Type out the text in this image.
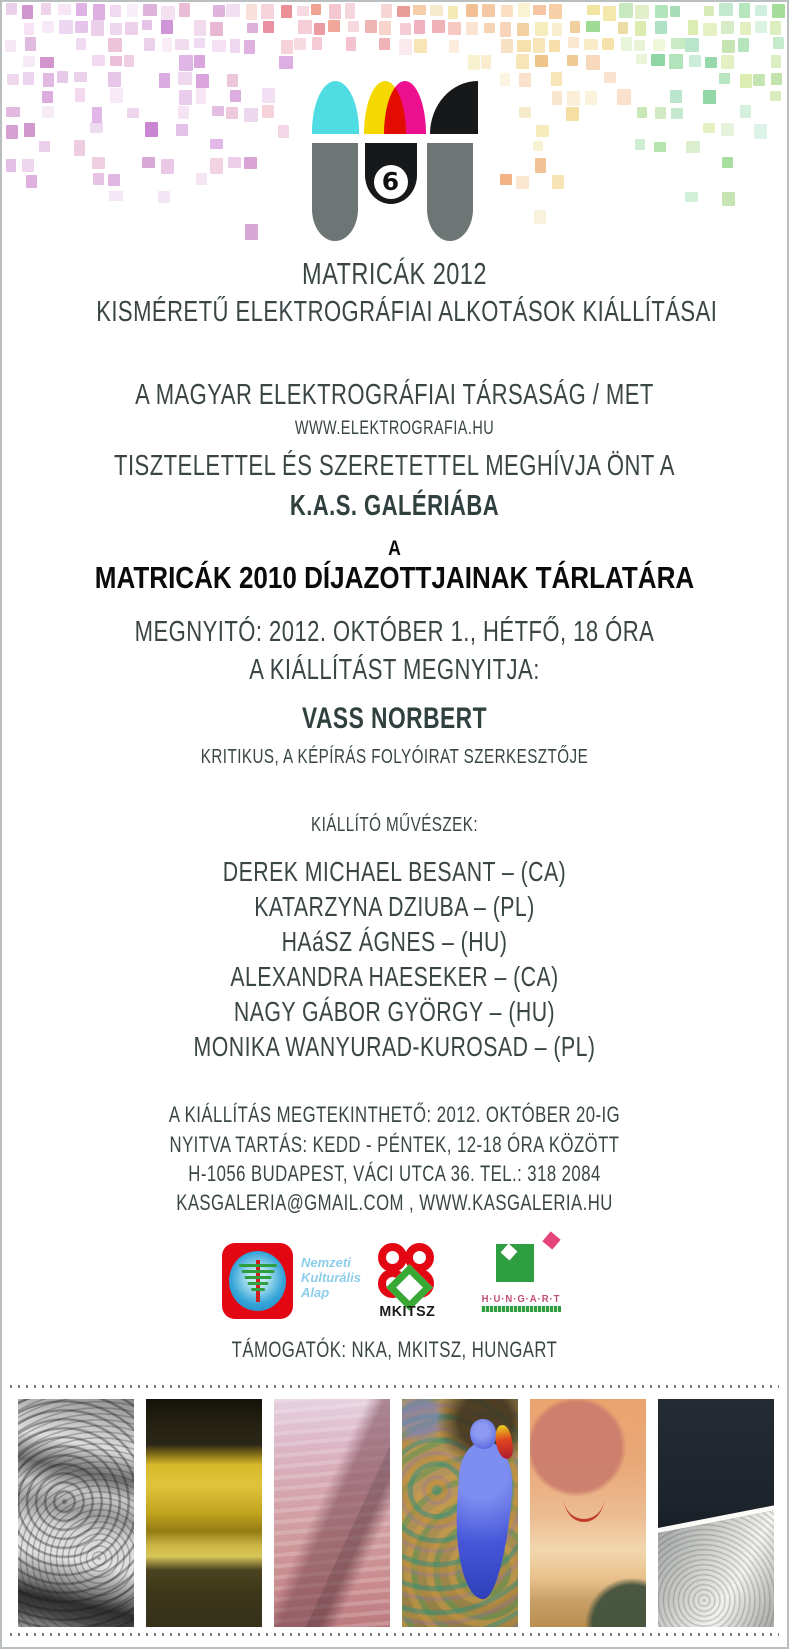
6
MATRICÁK 2012
KISMÉRETŰ ELEKTROGRÁFIAI ALKOTÁSOK KIÁLLÍTÁSAI
A MAGYAR ELEKTROGRÁFIAI TÁRSASÁG / MET
WWW.ELEKTROGRAFIA.HU
TISZTELETTEL ÉS SZERETETTEL MEGHÍVJA ÖNT A
K.A.S. GALÉRIÁBA
A
MATRICÁK 2010 DÍJAZOTTJAINAK TÁRLATÁRA
MEGNYITÓ: 2012. OKTÓBER 1., HÉTFŐ, 18 ÓRA
A KIÁLLÍTÁST MEGNYITJA:
VASS NORBERT
KRITIKUS, A KÉPÍRÁS FOLYÓIRAT SZERKESZTŐJE
KIÁLLÍTÓ MŰVÉSZEK:
DEREK MICHAEL BESANT – (CA)
KATARZYNA DZIUBA – (PL)
HAáSZ ÁGNES – (HU)
ALEXANDRA HAESEKER – (CA)
NAGY GÁBOR GYÖRGY – (HU)
MONIKA WANYURAD-KUROSAD – (PL)
A KIÁLLÍTÁS MEGTEKINTHETŐ: 2012. OKTÓBER 20-IG
NYITVA TARTÁS: KEDD - PÉNTEK, 12-18 ÓRA KÖZÖTT
H-1056 BUDAPEST, VÁCI UTCA 36. TEL.: 318 2084
KASGALERIA@GMAIL.COM , WWW.KASGALERIA.HU
Nemzeti
Kulturális
Alap
MKITSZ
H·U·N·G·A·R·T
TÁMOGATÓK: NKA, MKITSZ, HUNGART
